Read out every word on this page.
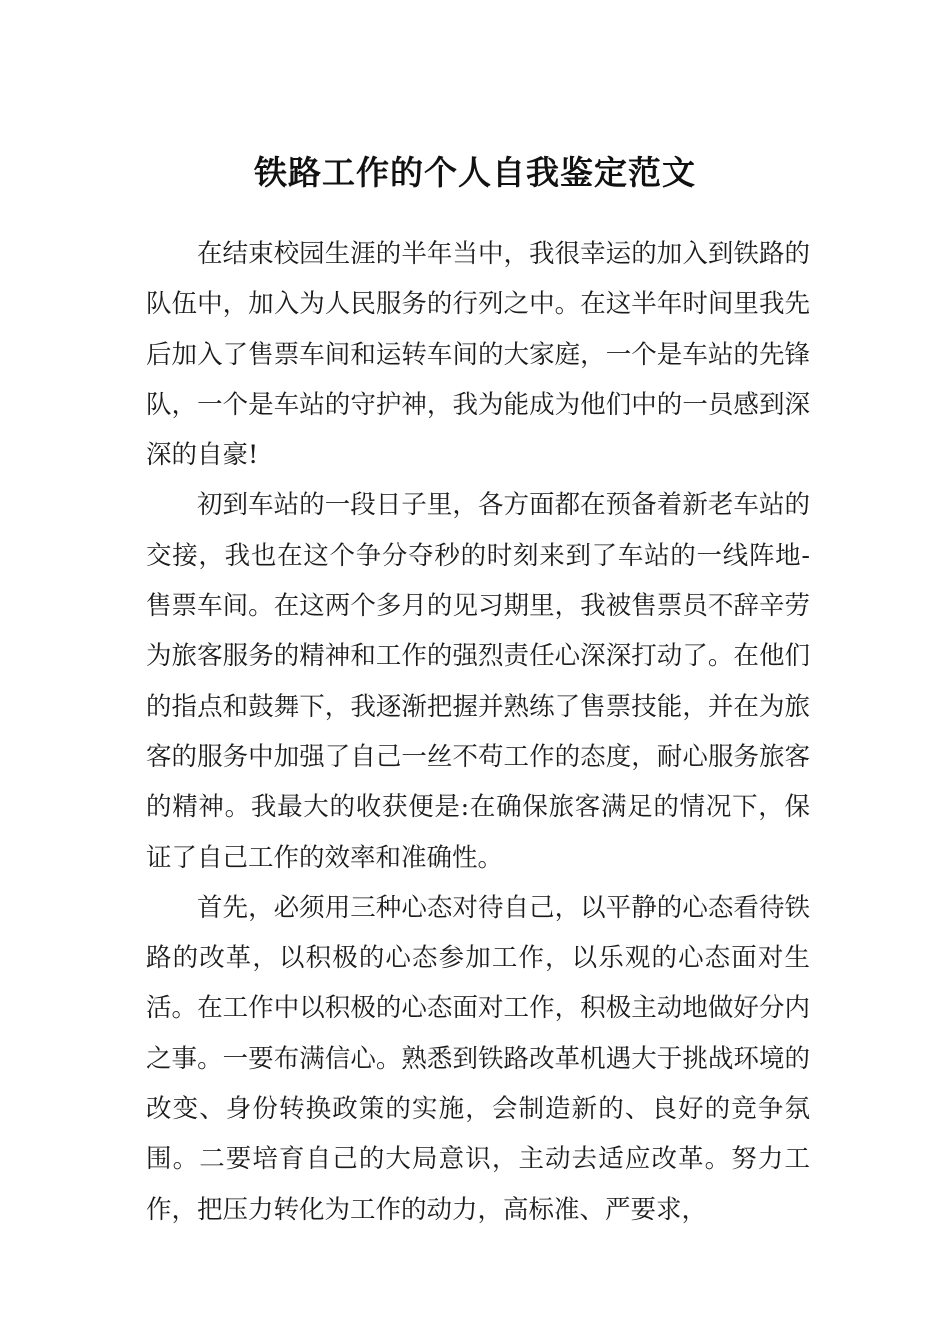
铁路工作的个人自我鉴定范文

在结束校园生涯的半年当中，我很幸运的加入到铁路的队伍中，加入为人民服务的行列之中。在这半年时间里我先后加入了售票车间和运转车间的大家庭，一个是车站的先锋队，一个是车站的守护神，我为能成为他们中的一员感到深深的自豪!

初到车站的一段日子里，各方面都在预备着新老车站的交接，我也在这个争分夺秒的时刻来到了车站的一线阵地-售票车间。在这两个多月的见习期里，我被售票员不辞辛劳为旅客服务的精神和工作的强烈责任心深深打动了。在他们的指点和鼓舞下，我逐渐把握并熟练了售票技能，并在为旅客的服务中加强了自己一丝不苟工作的态度，耐心服务旅客的精神。我最大的收获便是:在确保旅客满足的情况下，保证了自己工作的效率和准确性。

首先，必须用三种心态对待自己，以平静的心态看待铁路的改革，以积极的心态参加工作，以乐观的心态面对生活。在工作中以积极的心态面对工作，积极主动地做好分内之事。一要布满信心。熟悉到铁路改革机遇大于挑战环境的改变、身份转换政策的实施，会制造新的、良好的竞争氛围。二要培育自己的大局意识，主动去适应改革。努力工作，把压力转化为工作的动力，高标准、严要求，
